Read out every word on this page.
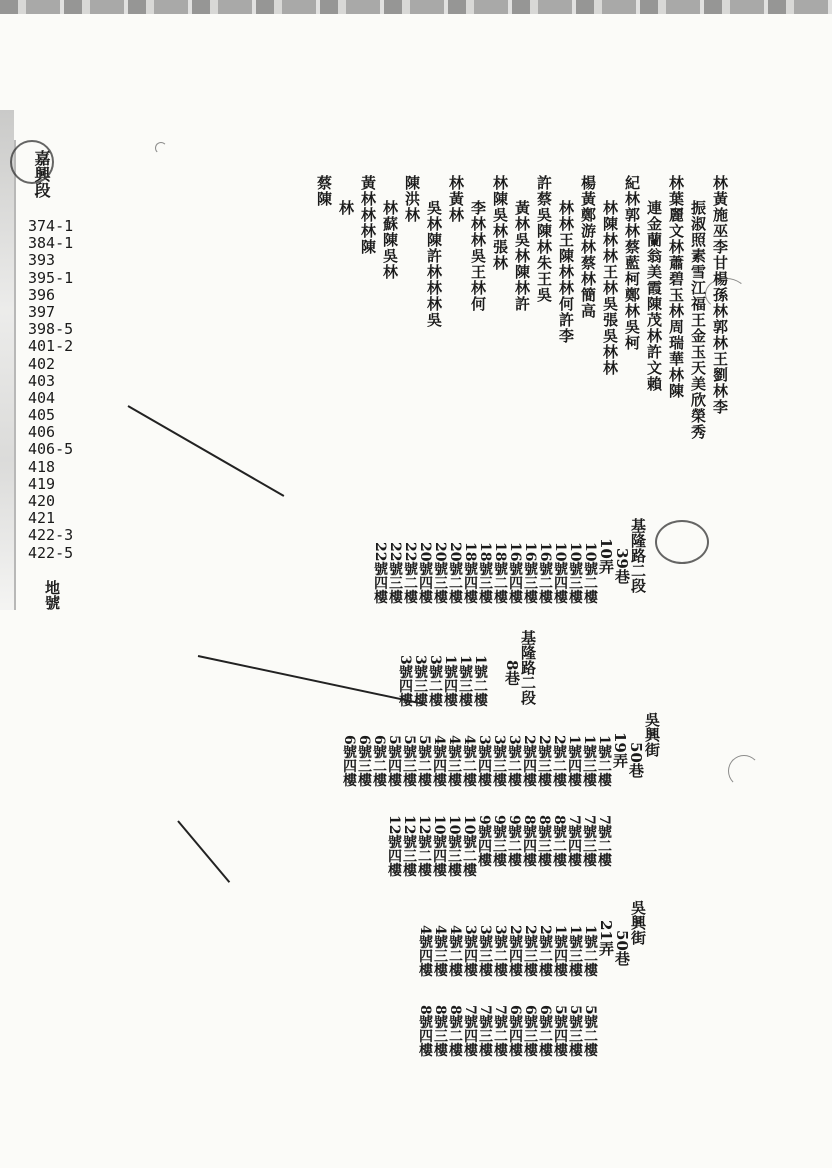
嘉興段
374-1
384-1
393
395-1
396
397
398-5
401-2
402
403
404
405
406
406-5
418
419
420
421
422-3
422-5
地號
林黃施巫李甘楊孫林郭林王劉林李
振淑照素雪江福王金玉天美欣榮秀
林葉麗文林蕭碧玉林周瑞華林陳
連金蘭翁美霞陳茂林許文賴
紀林郭林蔡藍柯鄭林吳柯
林陳林林王林吳張吳林林
楊黃鄭游林蔡林簡高
林林王陳林林何許李
許蔡吳陳林朱王吳
黃林吳林陳林許
林陳吳林張林
李林林吳王林何
林黃林
吳林陳許林林林吳
陳洪林
林蘇陳吳林
黃林林林陳
林
蔡陳
基隆路二段
39巷
10弄
10號二樓
10號三樓
10號四樓
16號二樓
16號三樓
16號四樓
18號二樓
18號三樓
18號四樓
20號二樓
20號三樓
20號四樓
22號二樓
22號三樓
22號四樓
基隆路二段
8巷
1號二樓
1號三樓
1號四樓
3號二樓
3號三樓
3號四樓
吳興街
50巷
19弄
1號二樓
1號三樓
1號四樓
2號二樓
2號三樓
2號四樓
3號二樓
3號三樓
3號四樓
4號二樓
4號三樓
4號四樓
5號二樓
5號三樓
5號四樓
6號二樓
6號三樓
6號四樓
7號二樓
7號三樓
7號四樓
8號二樓
8號三樓
8號四樓
9號二樓
9號三樓
9號四樓
10號二樓
10號三樓
10號四樓
12號二樓
12號三樓
12號四樓
吳興街
50巷
21弄
1號二樓
1號三樓
1號四樓
2號二樓
2號三樓
2號四樓
3號二樓
3號三樓
3號四樓
4號二樓
4號三樓
4號四樓
5號二樓
5號三樓
5號四樓
6號二樓
6號三樓
6號四樓
7號二樓
7號三樓
7號四樓
8號二樓
8號三樓
8號四樓
